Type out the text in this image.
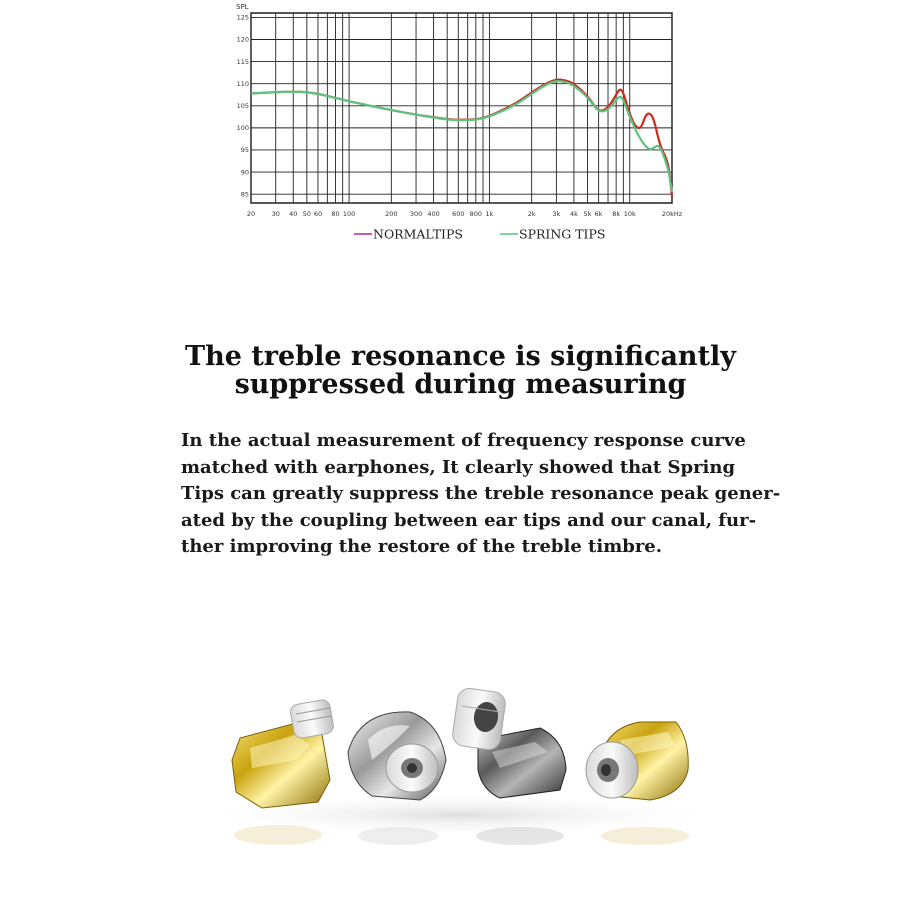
SPL
85
90
95
100
105
110
115
120
125
20	30 40 50 60 80 100	200 300 400 600 800 1k	2k	3k 4k 5k 6k 8k 10k	20kHz
NORMALTIPS	SPRING TIPS
The treble resonance is significantly
suppressed during measuring
In the actual measurement of frequency response curve
matched with earphones, It clearly showed that Spring
Tips can greatly suppress the treble resonance peak gener-
ated by the coupling between ear tips and our canal, fur-
ther improving the restore of the treble timbre.
